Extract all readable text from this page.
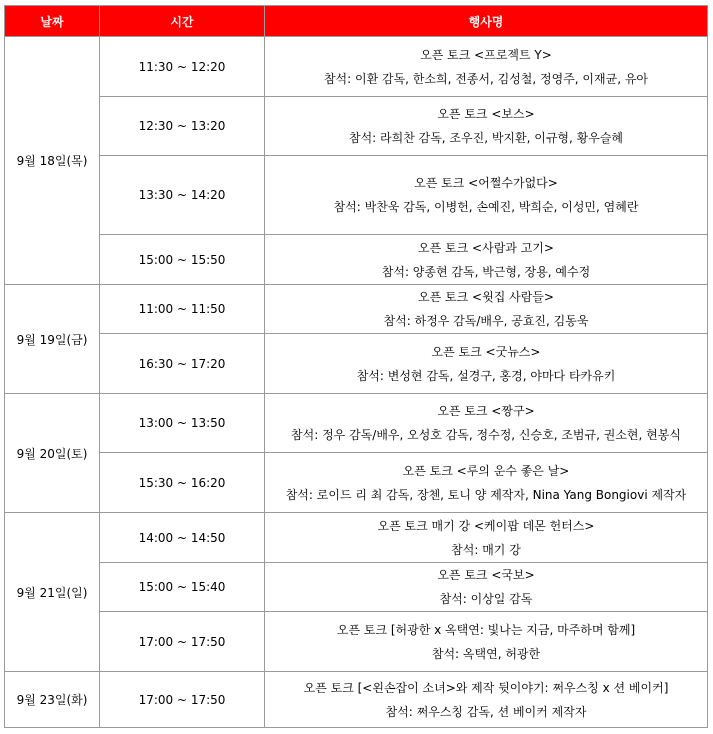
날짜	시간	행사명
9월 18일(목)	11:30 ~ 12:20	오픈 토크 <프로젝트 Y>
참석: 이환 감독, 한소희, 전종서, 김성철, 정영주, 이재균, 유아

	12:30 ~ 13:20	오픈 토크 <보스>
참석: 라희찬 감독, 조우진, 박지환, 이규형, 황우슬혜

	13:30 ~ 14:20	오픈 토크 <어쩔수가없다>
참석: 박찬욱 감독, 이병헌, 손예진, 박희순, 이성민, 염혜란

	15:00 ~ 15:50	오픈 토크 <사람과 고기>
참석: 양종현 감독, 박근형, 장용, 예수정

9월 19일(금)	11:00 ~ 11:50	오픈 토크 <윗집 사람들>
참석: 하정우 감독/배우, 공효진, 김동욱

	16:30 ~ 17:20	오픈 토크 <굿뉴스>
참석: 변성현 감독, 설경구, 홍경, 야마다 타카유키

9월 20일(토)	13:00 ~ 13:50	오픈 토크 <짱구>
참석: 정우 감독/배우, 오성호 감독, 정수정, 신승호, 조범규, 권소현, 현봉식

	15:30 ~ 16:20	오픈 토크 <루의 운수 좋은 날>
참석: 로이드 리 최 감독, 장첸, 토니 양 제작자, Nina Yang Bongiovi 제작자

9월 21일(일)	14:00 ~ 14:50	오픈 토크 매기 강 <케이팝 데몬 헌터스>
참석: 매기 강

	15:00 ~ 15:40	오픈 토크 <국보>
참석: 이상일 감독

	17:00 ~ 17:50	오픈 토크 [허광한 x 옥택연: 빛나는 지금, 마주하며 함께]
참석: 옥택연, 허광한

9월 23일(화)	17:00 ~ 17:50	오픈 토크 [<왼손잡이 소녀>와 제작 뒷이야기: 쩌우스칭 x 션 베이커]
참석: 쩌우스칭 감독, 션 베이커 제작자
